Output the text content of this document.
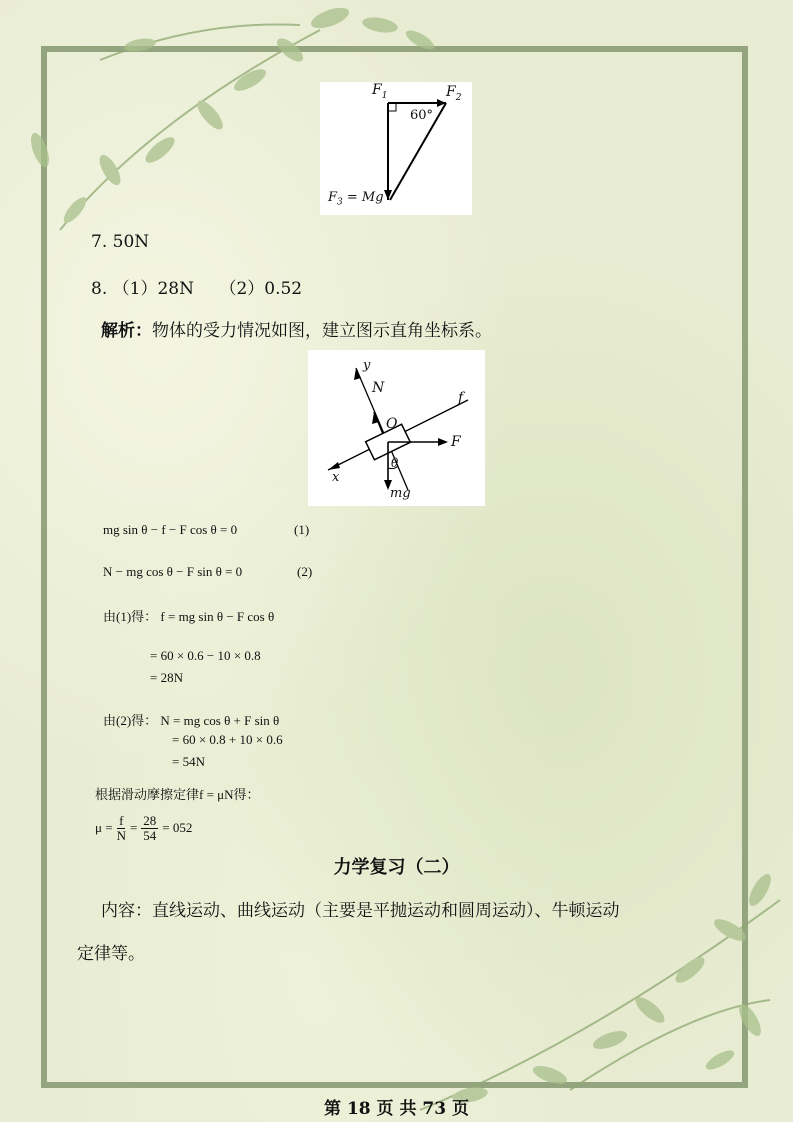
$F_1$	$F_2$
60°
$F_3 = Mg$
7. 50N
8. （1）28N　　（2）0.52
解析：物体的受力情况如图，建立图示直角坐标系。
y
N
O
f
F
x
θ
mg
mg sin θ − f − F cos θ = 0	(1)
N − mg cos θ − F sin θ = 0	(2)
由(1)得： f = mg sin θ − F cos θ
= 60 × 0.6 − 10 × 0.8
= 28N
由(2)得： N = mg cos θ + F sin θ
= 60 × 0.8 + 10 × 0.6
= 54N
根据滑动摩擦定律f = μN得：
$\mu = \frac{f}{N} = \frac{28}{54} = 052$
力学复习（二）
内容：直线运动、曲线运动（主要是平抛运动和圆周运动）、牛顿运动
定律等。
第 18 页 共 73 页
